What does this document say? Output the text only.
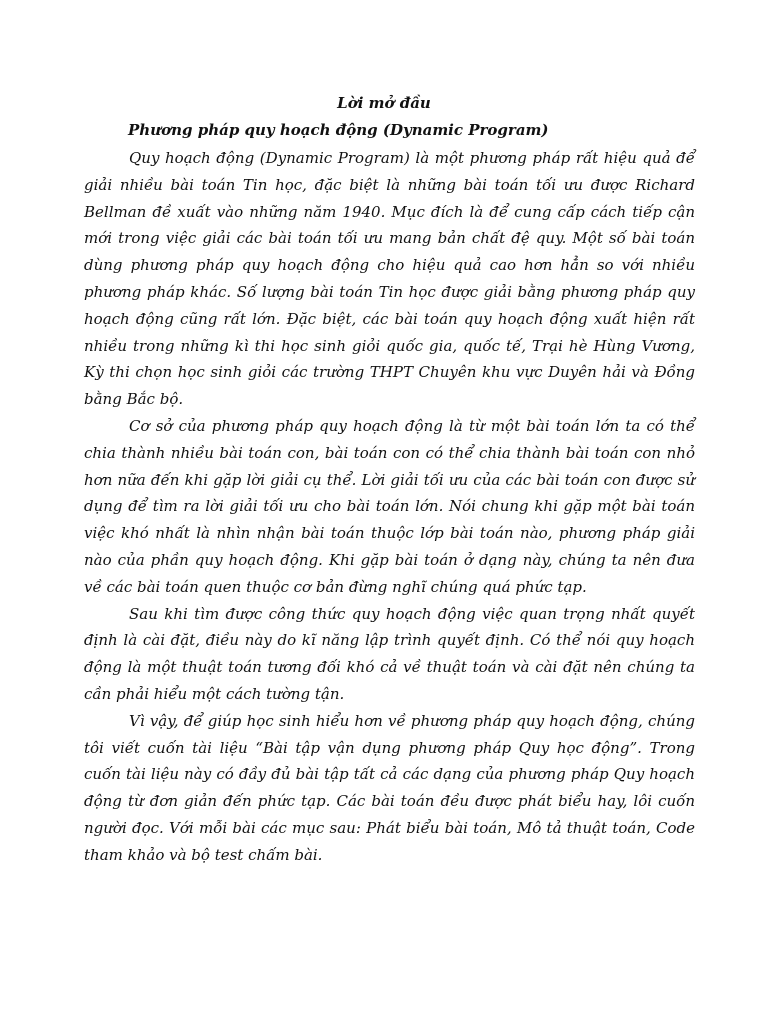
Lời mở đầu
Phương pháp quy hoạch động (Dynamic Program)

Quy hoạch động (Dynamic Program) là một phương pháp rất hiệu quả để giải nhiều bài toán Tin học, đặc biệt là những bài toán tối ưu được Richard Bellman đề xuất vào những năm 1940. Mục đích là để cung cấp cách tiếp cận mới trong việc giải các bài toán tối ưu mang bản chất đệ quy. Một số bài toán dùng phương pháp quy hoạch động cho hiệu quả cao hơn hẳn so với nhiều phương pháp khác. Số lượng bài toán Tin học được giải bằng phương pháp quy hoạch động cũng rất lớn. Đặc biệt, các bài toán quy hoạch động xuất hiện rất nhiều trong những kì thi học sinh giỏi quốc gia, quốc tế, Trại hè Hùng Vương, Kỳ thi chọn học sinh giỏi các trường THPT Chuyên khu vực Duyên hải và Đồng bằng Bắc bộ.

Cơ sở của phương pháp quy hoạch động là từ một bài toán lớn ta có thể chia thành nhiều bài toán con, bài toán con có thể chia thành bài toán con nhỏ hơn nữa đến khi gặp lời giải cụ thể. Lời giải tối ưu của các bài toán con được sử dụng để tìm ra lời giải tối ưu cho bài toán lớn. Nói chung khi gặp một bài toán việc khó nhất là nhìn nhận bài toán thuộc lớp bài toán nào, phương pháp giải nào của phần quy hoạch động. Khi gặp bài toán ở dạng này, chúng ta nên đưa về các bài toán quen thuộc cơ bản đừng nghĩ chúng quá phức tạp.

Sau khi tìm được công thức quy hoạch động việc quan trọng nhất quyết định là cài đặt, điều này do kĩ năng lập trình quyết định. Có thể nói quy hoạch động là một thuật toán tương đối khó cả về thuật toán và cài đặt nên chúng ta cần phải hiểu một cách tường tận.

Vì vậy, để giúp học sinh hiểu hơn về phương pháp quy hoạch động, chúng tôi viết cuốn tài liệu “Bài tập vận dụng phương pháp Quy học động”. Trong cuốn tài liệu này có đầy đủ bài tập tất cả các dạng của phương pháp Quy hoạch động từ đơn giản đến phức tạp. Các bài toán đều được phát biểu hay, lôi cuốn người đọc. Với mỗi bài các mục sau: Phát biểu bài toán, Mô tả thuật toán, Code tham khảo và bộ test chấm bài.
